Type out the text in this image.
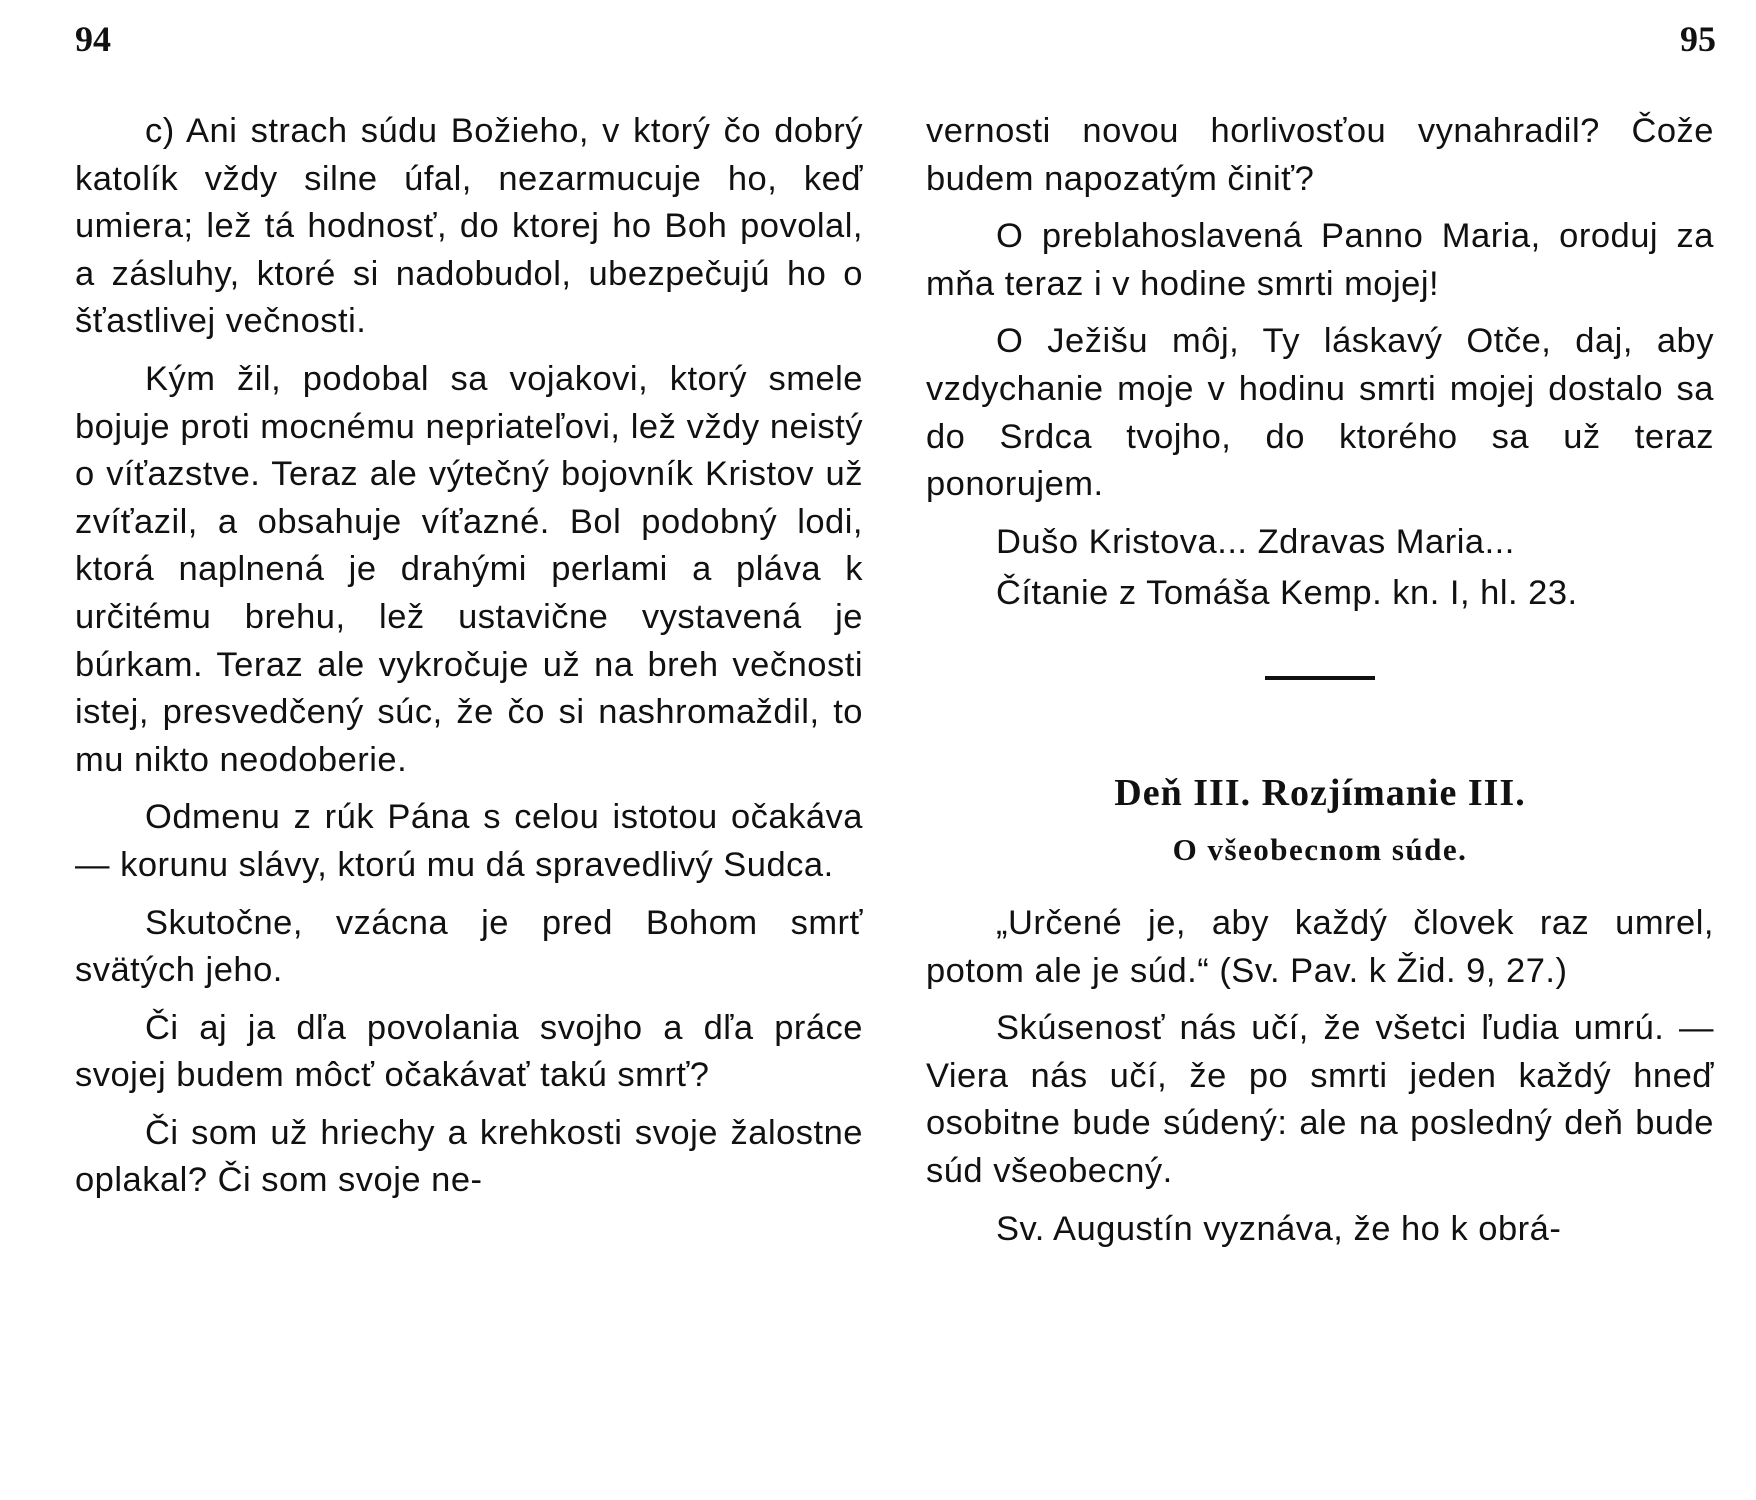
94	95

c) Ani strach súdu Božieho, v ktorý čo dobrý katolík vždy silne úfal, nezarmucuje ho, keď umiera; lež tá hodnosť, do ktorej ho Boh povolal, a zásluhy, ktoré si nadobudol, ubezpečujú ho o šťastlivej večnosti.

Kým žil, podobal sa vojakovi, ktorý smele bojuje proti mocnému nepriateľovi, lež vždy neistý o víťazstve. Teraz ale výtečný bojovník Kristov už zvíťazil, a obsahuje víťazné. Bol podobný lodi, ktorá naplnená je drahými perlami a pláva k určitému brehu, lež ustavične vystavená je búrkam. Teraz ale vykročuje už na breh večnosti istej, presvedčený súc, že čo si nashromaždil, to mu nikto neodoberie.

Odmenu z rúk Pána s celou istotou očakáva — korunu slávy, ktorú mu dá spravedlivý Sudca.

Skutočne, vzácna je pred Bohom smrť svätých jeho.

Či aj ja dľa povolania svojho a dľa práce svojej budem môcť očakávať takú smrť?

Či som už hriechy a krehkosti svoje žalostne oplakal? Či som svoje ne-

vernosti novou horlivosťou vynahradil? Čože budem napozatým činiť?

O preblahoslavená Panno Maria, oroduj za mňa teraz i v hodine smrti mojej!

O Ježišu môj, Ty láskavý Otče, daj, aby vzdychanie moje v hodinu smrti mojej dostalo sa do Srdca tvojho, do ktorého sa už teraz ponorujem.

Dušo Kristova... Zdravas Maria...

Čítanie z Tomáša Kemp. kn. I, hl. 23.

Deň III. Rozjímanie III.
O všeobecnom súde.

„Určené je, aby každý človek raz umrel, potom ale je súd.“ (Sv. Pav. k Žid. 9, 27.)

Skúsenosť nás učí, že všetci ľudia umrú. — Viera nás učí, že po smrti jeden každý hneď osobitne bude súdený: ale na posledný deň bude súd všeobecný.

Sv. Augustín vyznáva, že ho k obrá-
